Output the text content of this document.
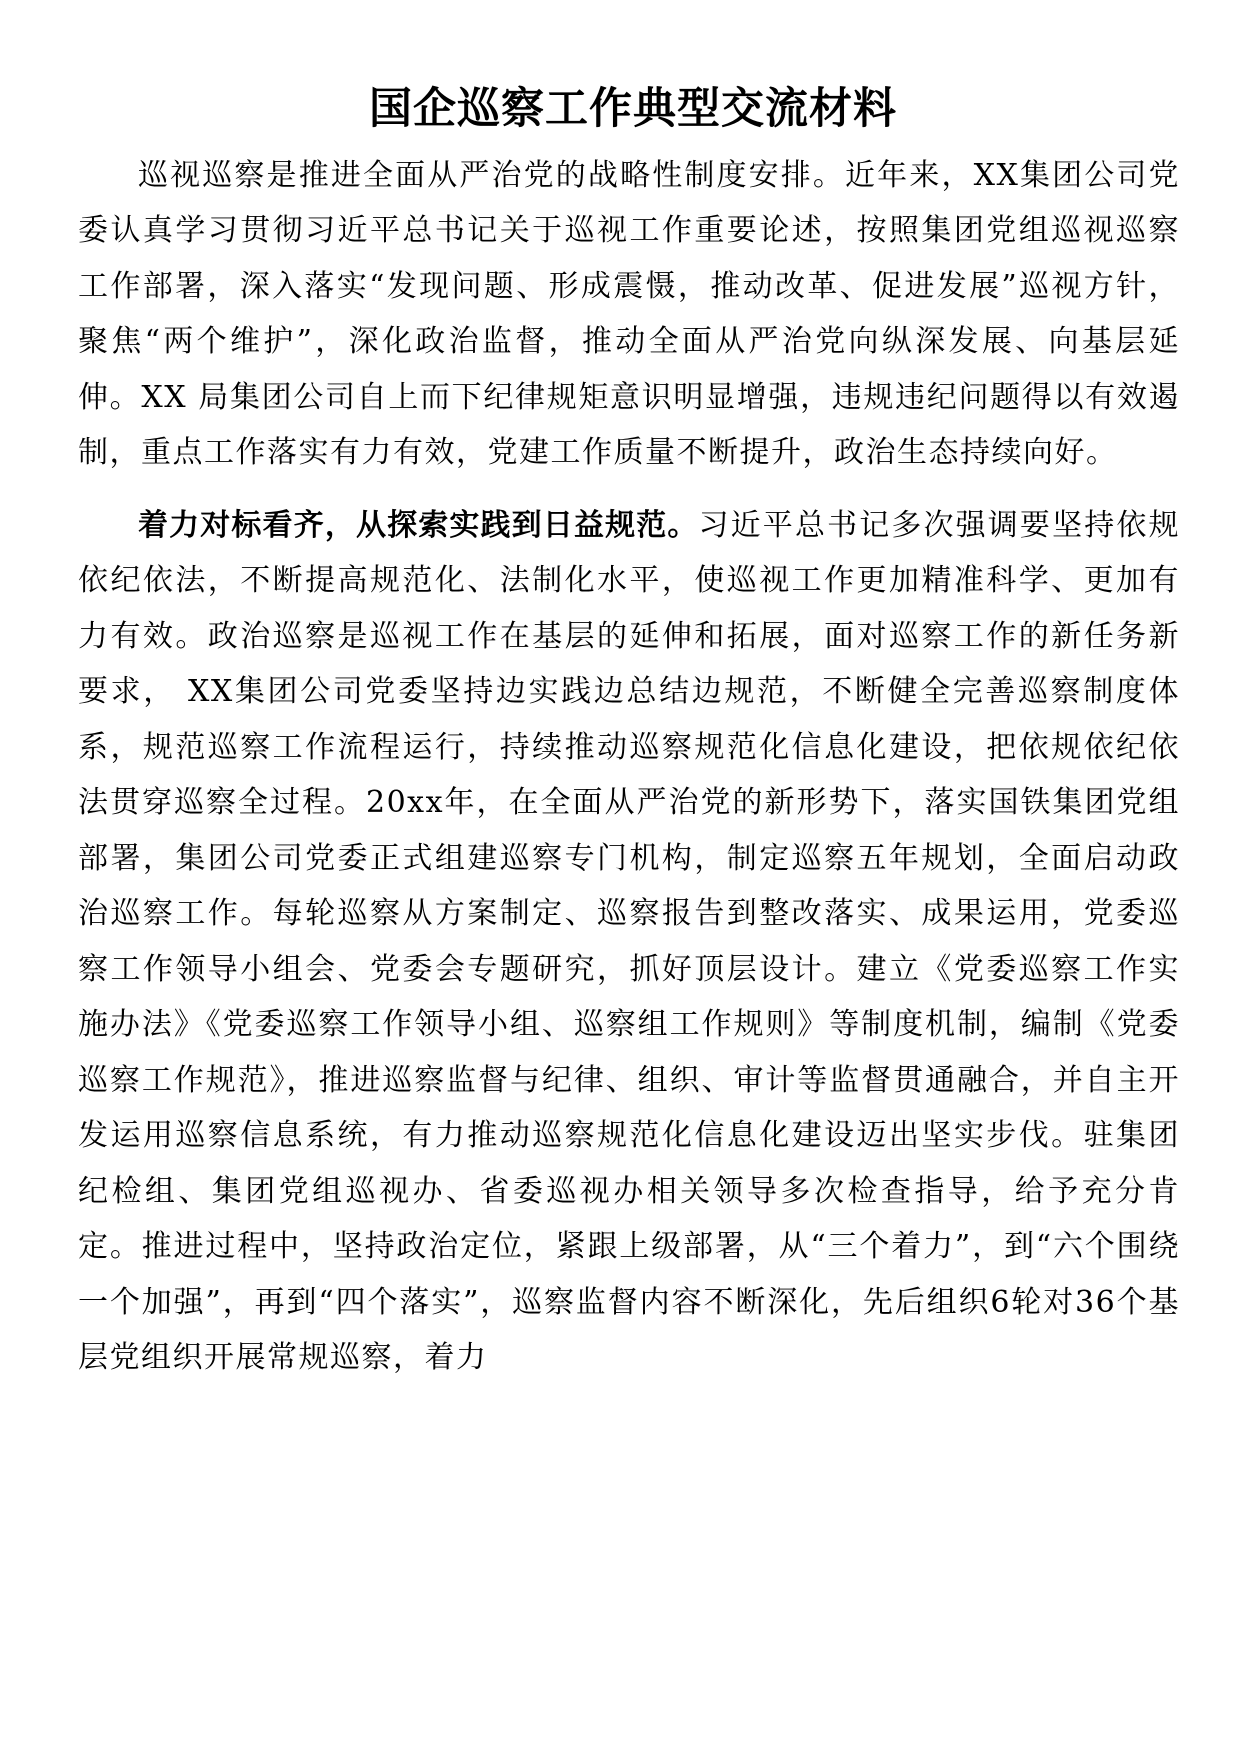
国企巡察工作典型交流材料

巡视巡察是推进全面从严治党的战略性制度安排。近年来，XX集团公司党委认真学习贯彻习近平总书记关于巡视工作重要论述，按照集团党组巡视巡察工作部署，深入落实“发现问题、形成震慑，推动改革、促进发展”巡视方针，聚焦“两个维护”，深化政治监督，推动全面从严治党向纵深发展、向基层延伸。XX 局集团公司自上而下纪律规矩意识明显增强，违规违纪问题得以有效遏制，重点工作落实有力有效，党建工作质量不断提升，政治生态持续向好。

着力对标看齐，从探索实践到日益规范。习近平总书记多次强调要坚持依规依纪依法，不断提高规范化、法制化水平，使巡视工作更加精准科学、更加有力有效。政治巡察是巡视工作在基层的延伸和拓展，面对巡察工作的新任务新要求， XX集团公司党委坚持边实践边总结边规范，不断健全完善巡察制度体系，规范巡察工作流程运行，持续推动巡察规范化信息化建设，把依规依纪依法贯穿巡察全过程。20xx年，在全面从严治党的新形势下，落实国铁集团党组部署，集团公司党委正式组建巡察专门机构，制定巡察五年规划，全面启动政治巡察工作。每轮巡察从方案制定、巡察报告到整改落实、成果运用，党委巡察工作领导小组会、党委会专题研究，抓好顶层设计。建立《党委巡察工作实施办法》《党委巡察工作领导小组、巡察组工作规则》等制度机制，编制《党委巡察工作规范》，推进巡察监督与纪律、组织、审计等监督贯通融合，并自主开发运用巡察信息系统，有力推动巡察规范化信息化建设迈出坚实步伐。驻集团纪检组、集团党组巡视办、省委巡视办相关领导多次检查指导，给予充分肯定。推进过程中，坚持政治定位，紧跟上级部署，从“三个着力”，到“六个围绕一个加强”，再到“四个落实”，巡察监督内容不断深化，先后组织6轮对36个基层党组织开展常规巡察，着力
